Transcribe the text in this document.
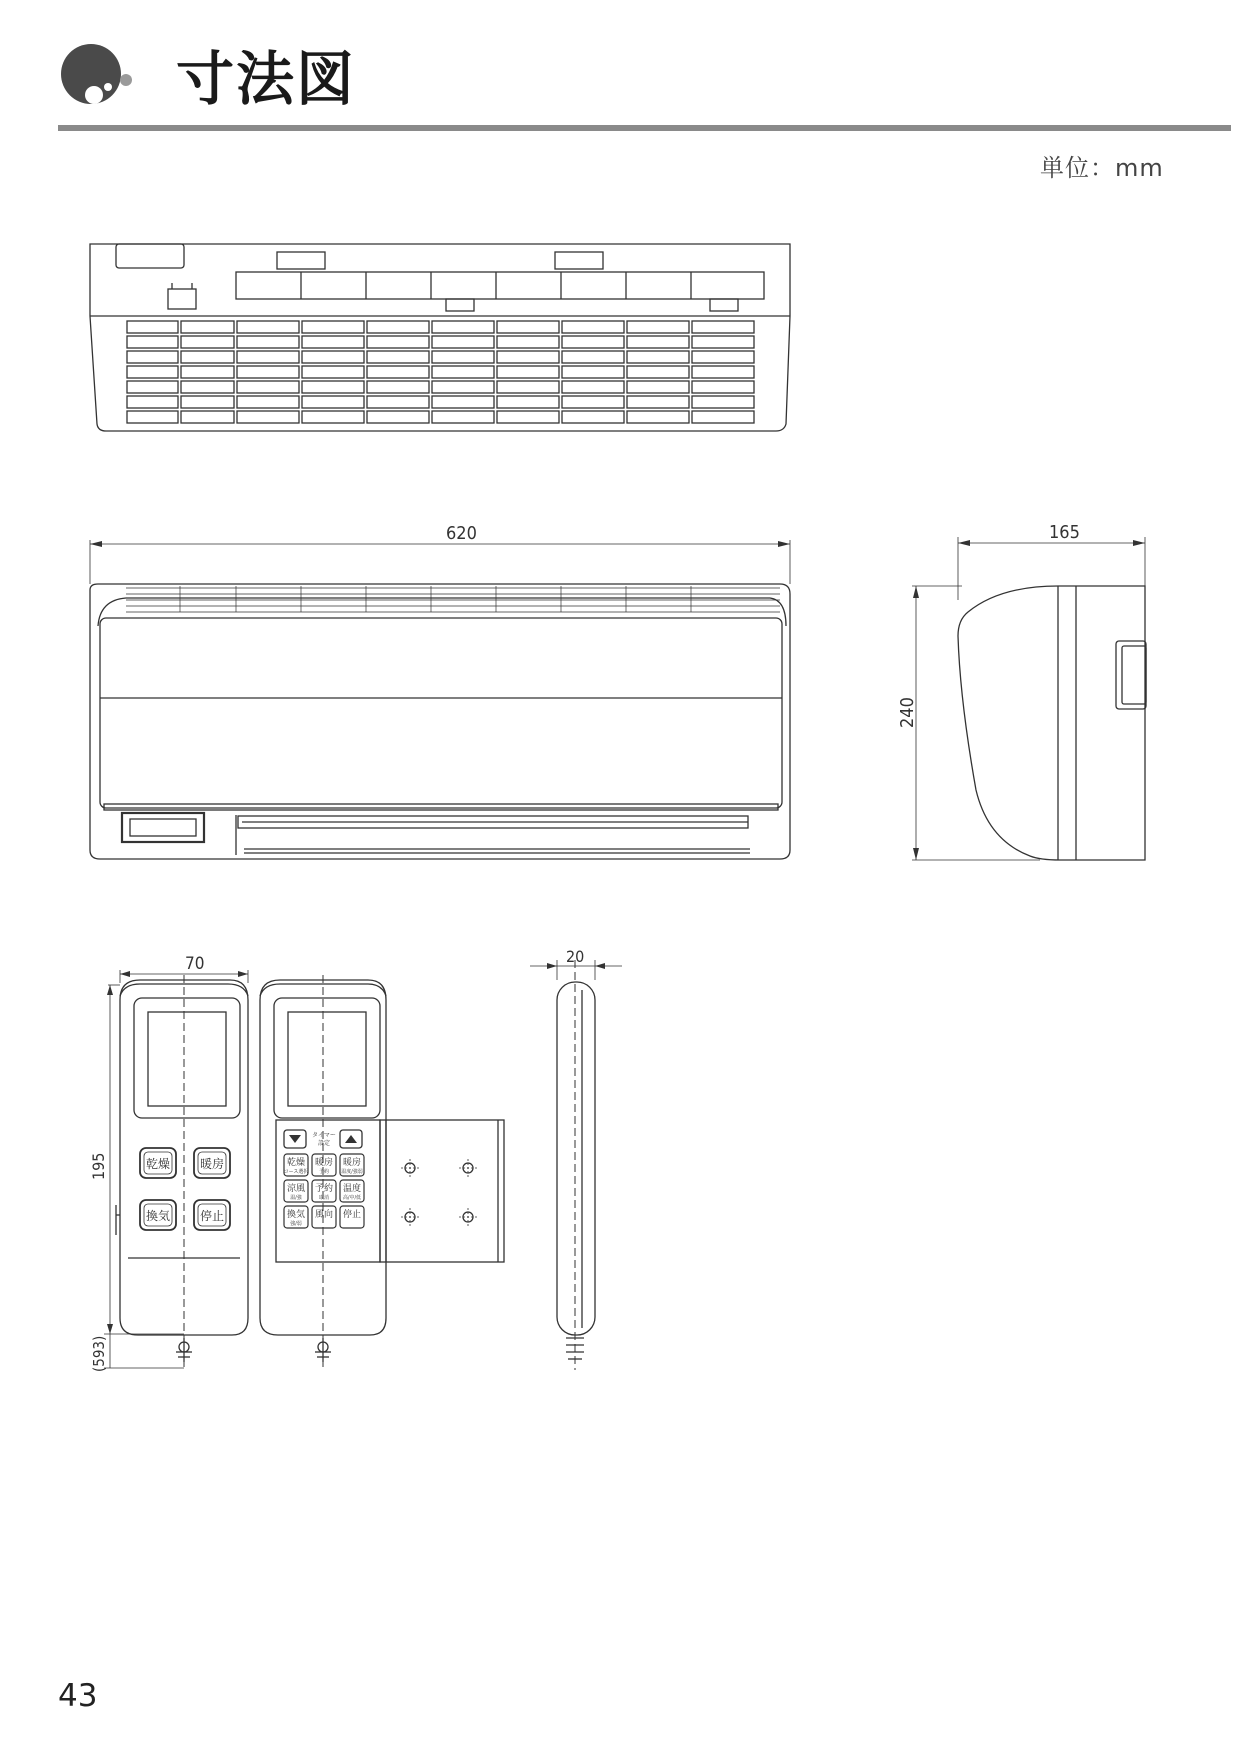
寸法図
単位：mm
620	165
240
乾燥 暖房
換気 停止
70
195
(593)
タイマー
設定
乾燥
コース選択
暖房
予約
暖房
温度/強弱
涼風
温/強
予約
取消
温度
高/中/低
換気
強/弱
風向 停止
20
43
